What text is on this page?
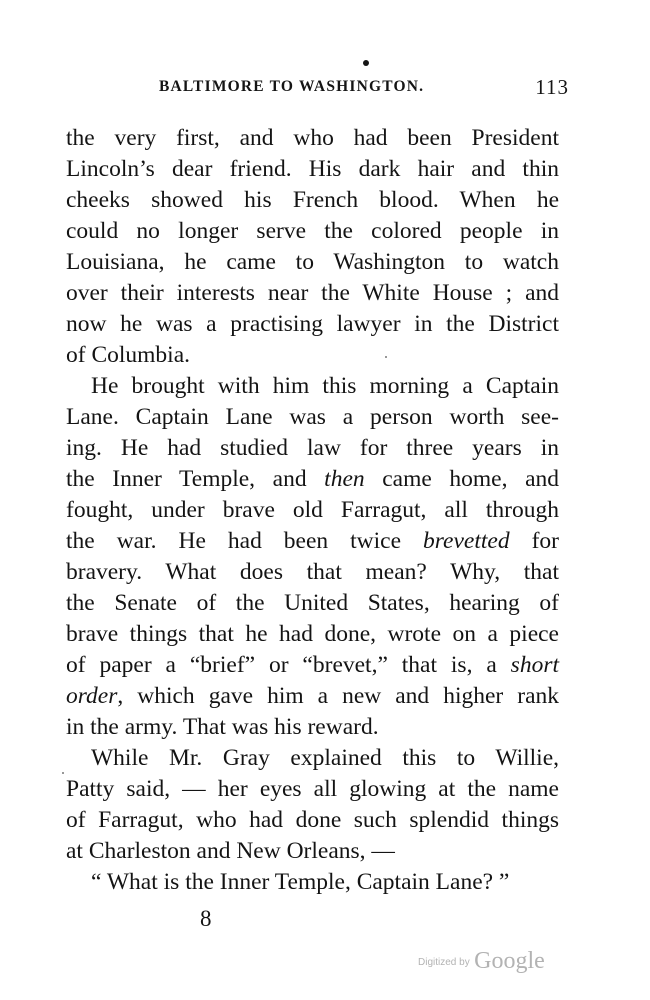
BALTIMORE TO WASHINGTON.	113
the very first, and who had been President
Lincoln’s dear friend. His dark hair and thin
cheeks showed his French blood. When he
could no longer serve the colored people in
Louisiana, he came to Washington to watch
over their interests near the White House ; and
now he was a practising lawyer in the District
of Columbia.
He brought with him this morning a Captain
Lane. Captain Lane was a person worth see-
ing. He had studied law for three years in
the Inner Temple, and then came home, and
fought, under brave old Farragut, all through
the war. He had been twice brevetted for
bravery. What does that mean? Why, that
the Senate of the United States, hearing of
brave things that he had done, wrote on a piece
of paper a “brief” or “brevet,” that is, a short
order, which gave him a new and higher rank
in the army. That was his reward.
While Mr. Gray explained this to Willie,
Patty said, — her eyes all glowing at the name
of Farragut, who had done such splendid things
at Charleston and New Orleans, —
“ What is the Inner Temple, Captain Lane? ”
8
Digitized by Google
